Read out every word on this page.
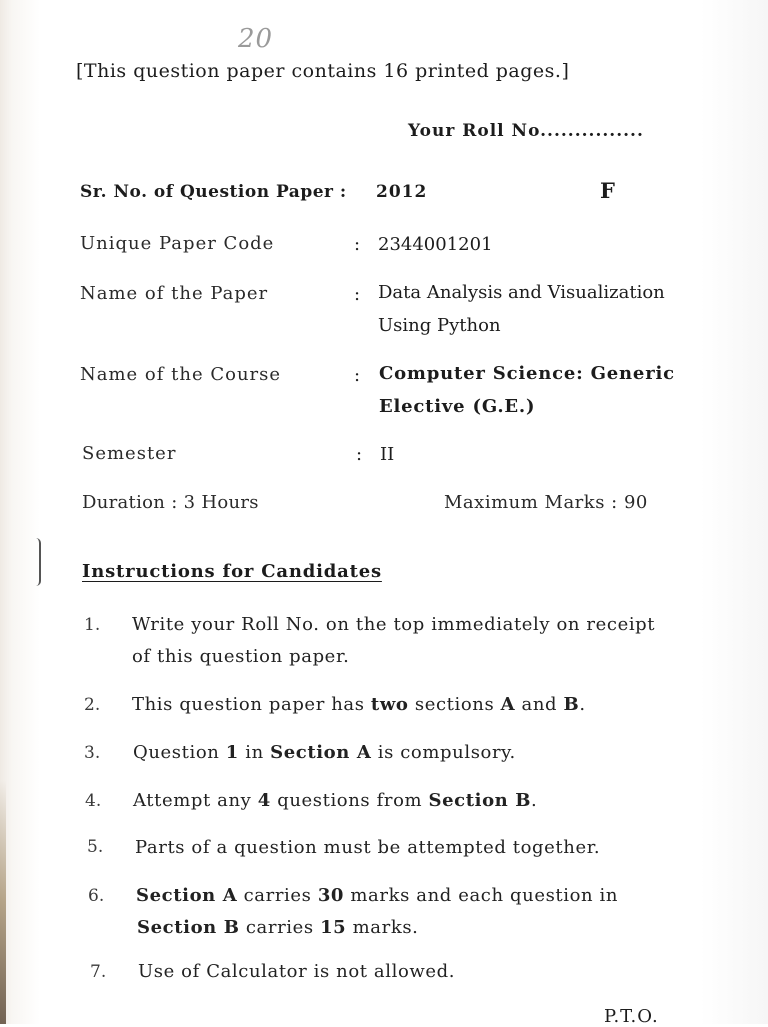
20
[This question paper contains 16 printed pages.]
Your Roll No...............
Sr. No. of Question Paper : 2012	F
Unique Paper Code	: 2344001201
Name of the Paper	: Data Analysis and Visualization
Using Python
Name of the Course	: Computer Science: Generic
Elective (G.E.)
Semester	: II
Duration : 3 Hours	Maximum Marks : 90
Instructions for Candidates
1. Write your Roll No. on the top immediately on receipt
of this question paper.
2. This question paper has two sections A and B.
3. Question 1 in Section A is compulsory.
4. Attempt any 4 questions from Section B.
5. Parts of a question must be attempted together.
6. Section A carries 30 marks and each question in
Section B carries 15 marks.
7. Use of Calculator is not allowed.
P.T.O.
